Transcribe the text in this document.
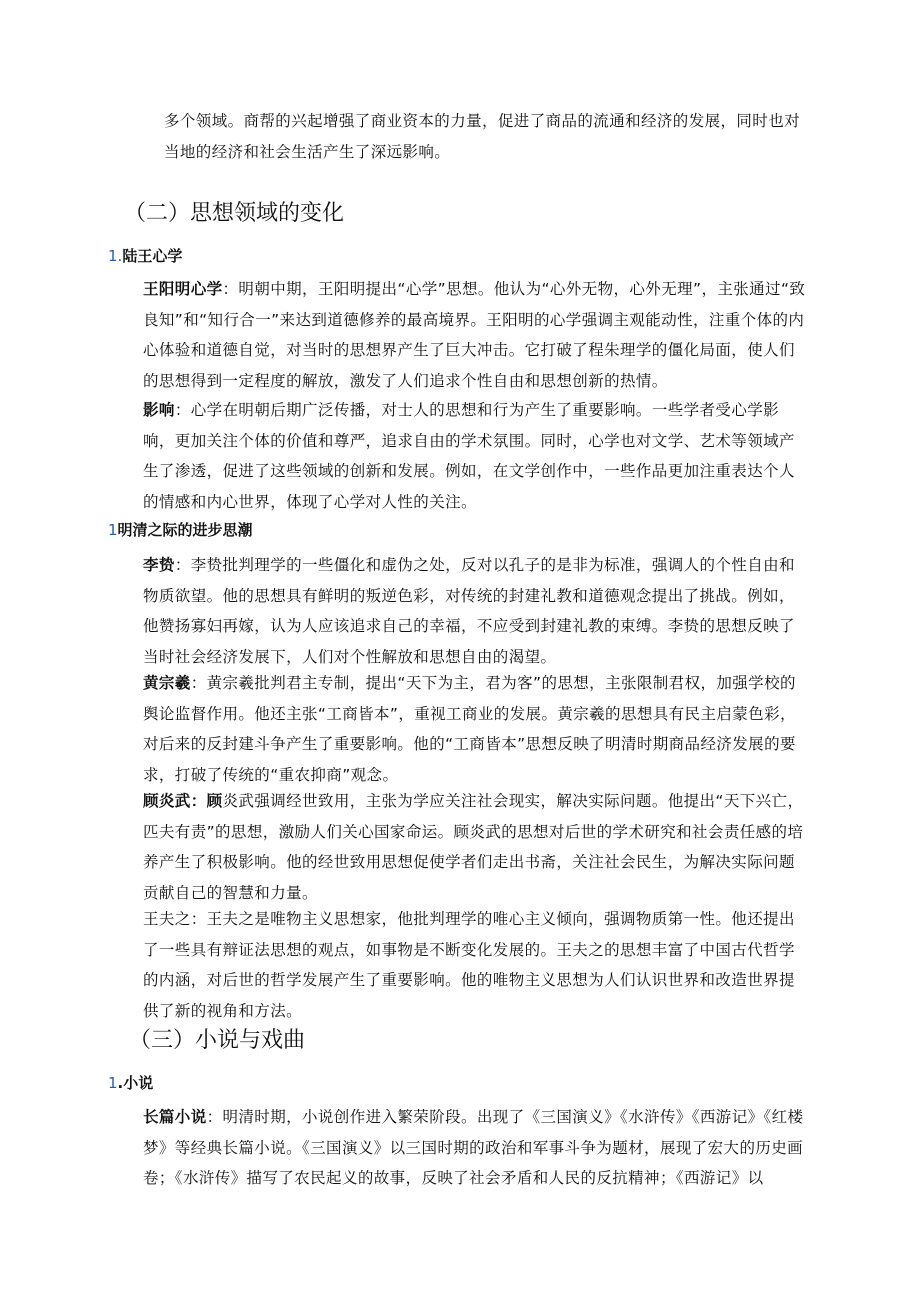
多个领域。商帮的兴起增强了商业资本的力量，促进了商品的流通和经济的发展，同时也对当地的经济和社会生活产生了深远影响。

（二）思想领域的变化
1.陆王心学

王阳明心学：明朝中期，王阳明提出“心学”思想。他认为“心外无物，心外无理”，主张通过“致良知”和“知行合一”来达到道德修养的最高境界。王阳明的心学强调主观能动性，注重个体的内心体验和道德自觉，对当时的思想界产生了巨大冲击。它打破了程朱理学的僵化局面，使人们的思想得到一定程度的解放，激发了人们追求个性自由和思想创新的热情。

影响：心学在明朝后期广泛传播，对士人的思想和行为产生了重要影响。一些学者受心学影响，更加关注个体的价值和尊严，追求自由的学术氛围。同时，心学也对文学、艺术等领域产生了渗透，促进了这些领域的创新和发展。例如，在文学创作中，一些作品更加注重表达个人的情感和内心世界，体现了心学对人性的关注。

1明清之际的进步思潮

李贽：李贽批判理学的一些僵化和虚伪之处，反对以孔子的是非为标准，强调人的个性自由和物质欲望。他的思想具有鲜明的叛逆色彩，对传统的封建礼教和道德观念提出了挑战。例如，他赞扬寡妇再嫁，认为人应该追求自己的幸福，不应受到封建礼教的束缚。李贽的思想反映了当时社会经济发展下，人们对个性解放和思想自由的渴望。

黄宗羲：黄宗羲批判君主专制，提出“天下为主，君为客”的思想，主张限制君权，加强学校的舆论监督作用。他还主张“工商皆本”，重视工商业的发展。黄宗羲的思想具有民主启蒙色彩，对后来的反封建斗争产生了重要影响。他的“工商皆本”思想反映了明清时期商品经济发展的要求，打破了传统的“重农抑商”观念。

顾炎武：顾炎武强调经世致用，主张为学应关注社会现实，解决实际问题。他提出“天下兴亡，匹夫有责”的思想，激励人们关心国家命运。顾炎武的思想对后世的学术研究和社会责任感的培养产生了积极影响。他的经世致用思想促使学者们走出书斋，关注社会民生，为解决实际问题贡献自己的智慧和力量。

王夫之：王夫之是唯物主义思想家，他批判理学的唯心主义倾向，强调物质第一性。他还提出了一些具有辩证法思想的观点，如事物是不断变化发展的。王夫之的思想丰富了中国古代哲学的内涵，对后世的哲学发展产生了重要影响。他的唯物主义思想为人们认识世界和改造世界提供了新的视角和方法。

（三）小说与戏曲
1.小说

长篇小说：明清时期，小说创作进入繁荣阶段。出现了《三国演义》《水浒传》《西游记》《红楼梦》等经典长篇小说。《三国演义》以三国时期的政治和军事斗争为题材，展现了宏大的历史画卷；《水浒传》描写了农民起义的故事，反映了社会矛盾和人民的反抗精神；《西游记》以
